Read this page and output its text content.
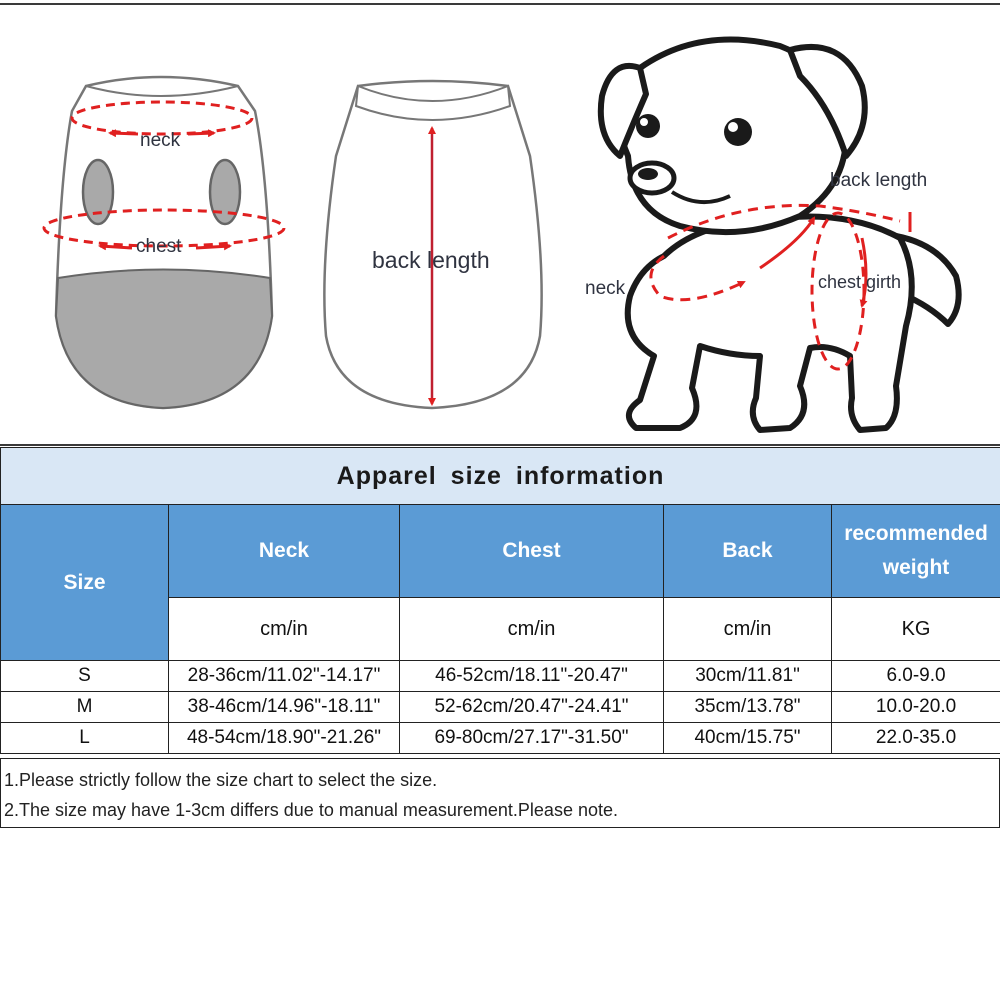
neck
chest
back length
back length
neck	chest girth
Apparel size information				
Size	Neck	Chest	Back	recommended
weight

	cm/in	cm/in	cm/in	KG
S	28-36cm/11.02"-14.17"	46-52cm/18.11"-20.47"	30cm/11.81"	6.0-9.0
M	38-46cm/14.96"-18.11"	52-62cm/20.47"-24.41"	35cm/13.78"	10.0-20.0
L	48-54cm/18.90"-21.26"	69-80cm/27.17"-31.50"	40cm/15.75"	22.0-35.0
1.Please strictly follow the size chart to select the size.
2.The size may have 1-3cm differs due to manual measurement.Please note.
